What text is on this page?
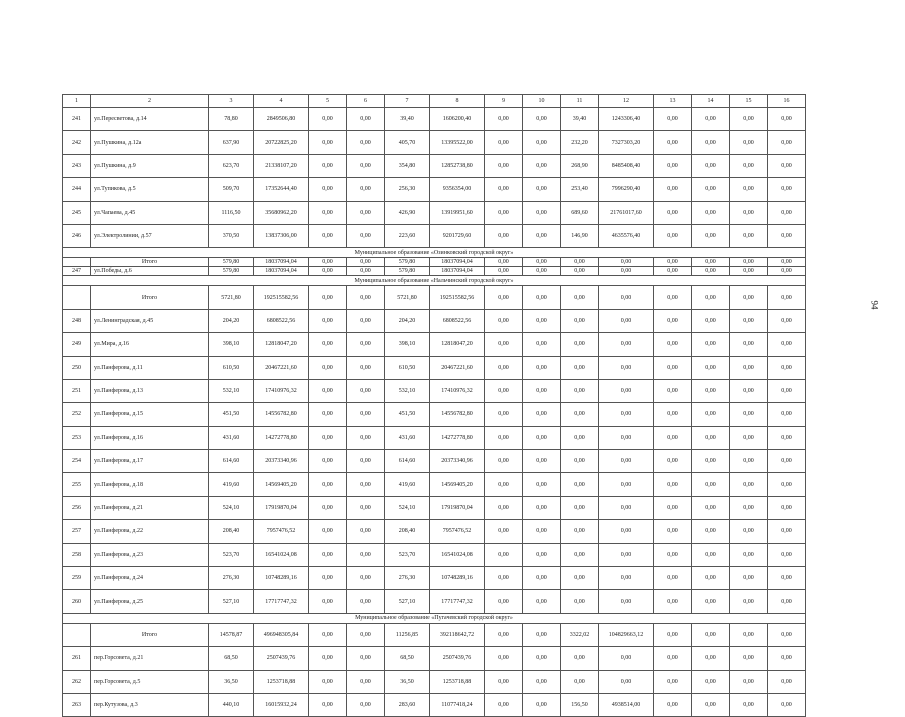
1	2	3	4	5	6	7	8	9	10	11	12	13	14	15	16
241	ул.Пересветова, д.14	78,80	2849506,80	0,00	0,00	39,40	1606200,40	0,00	0,00	39,40	1243306,40	0,00	0,00	0,00	0,00
242	ул.Пушкина, д.12а	637,90	20722825,20	0,00	0,00	405,70	13395522,00	0,00	0,00	232,20	7327303,20	0,00	0,00	0,00	0,00
243	ул.Пушкина, д.9	623,70	21338107,20	0,00	0,00	354,80	12852738,80	0,00	0,00	268,90	8485408,40	0,00	0,00	0,00	0,00
244	ул.Тупикова, д.5	509,70	17352644,40	0,00	0,00	256,30	9356354,00	0,00	0,00	253,40	7996290,40	0,00	0,00	0,00	0,00
245	ул.Чапаева, д.45	1116,50	35680962,20	0,00	0,00	426,90	13919951,60	0,00	0,00	689,60	21761017,60	0,00	0,00	0,00	0,00
246	ул.Электролинии, д.57	370,50	13837306,00	0,00	0,00	223,60	9201729,60	0,00	0,00	146,90	4635576,40	0,00	0,00	0,00	0,00
Муниципальное образование «Озинковский городской округ»															
	Итого	579,80	18037094,04	0,00	0,00	579,80	18037094,04	0,00	0,00	0,00	0,00	0,00	0,00	0,00	0,00
247	ул.Победы, д.6	579,80	18037094,04	0,00	0,00	579,80	18037094,04	0,00	0,00	0,00	0,00	0,00	0,00	0,00	0,00
Муниципальное образование «Нальчинский городской округ»															
	Итого	5721,80	192515582,56	0,00	0,00	5721,80	192515582,56	0,00	0,00	0,00	0,00	0,00	0,00	0,00	0,00
248	ул.Ленинградская, д.45	204,20	6808522,56	0,00	0,00	204,20	6808522,56	0,00	0,00	0,00	0,00	0,00	0,00	0,00	0,00
249	ул.Мира, д.16	398,10	12818047,20	0,00	0,00	398,10	12818047,20	0,00	0,00	0,00	0,00	0,00	0,00	0,00	0,00
250	ул.Панферова, д.11	610,50	20467221,60	0,00	0,00	610,50	20467221,60	0,00	0,00	0,00	0,00	0,00	0,00	0,00	0,00
251	ул.Панферова, д.13	532,10	17410976,32	0,00	0,00	532,10	17410976,32	0,00	0,00	0,00	0,00	0,00	0,00	0,00	0,00
252	ул.Панферова, д.15	451,50	14556782,80	0,00	0,00	451,50	14556782,80	0,00	0,00	0,00	0,00	0,00	0,00	0,00	0,00
253	ул.Панферова, д.16	431,60	14272778,80	0,00	0,00	431,60	14272778,80	0,00	0,00	0,00	0,00	0,00	0,00	0,00	0,00
254	ул.Панферова, д.17	614,60	20373340,96	0,00	0,00	614,60	20373340,96	0,00	0,00	0,00	0,00	0,00	0,00	0,00	0,00
255	ул.Панферова, д.18	419,60	14569405,20	0,00	0,00	419,60	14569405,20	0,00	0,00	0,00	0,00	0,00	0,00	0,00	0,00
256	ул.Панферова, д.21	524,10	17919870,04	0,00	0,00	524,10	17919870,04	0,00	0,00	0,00	0,00	0,00	0,00	0,00	0,00
257	ул.Панферова, д.22	208,40	7957476,52	0,00	0,00	208,40	7957476,52	0,00	0,00	0,00	0,00	0,00	0,00	0,00	0,00
258	ул.Панферова, д.23	523,70	16541024,08	0,00	0,00	523,70	16541024,08	0,00	0,00	0,00	0,00	0,00	0,00	0,00	0,00
259	ул.Панферова, д.24	276,30	10748289,16	0,00	0,00	276,30	10748289,16	0,00	0,00	0,00	0,00	0,00	0,00	0,00	0,00
260	ул.Панферова, д.25	527,10	17717747,32	0,00	0,00	527,10	17717747,32	0,00	0,00	0,00	0,00	0,00	0,00	0,00	0,00
Муниципальное образование «Пугачевский городской округ»															
	Итого	14578,87	496948305,84	0,00	0,00	11256,85	392118642,72	0,00	0,00	3322,02	104829663,12	0,00	0,00	0,00	0,00
261	пер.Горсовета, д.21	68,50	2507439,76	0,00	0,00	68,50	2507439,76	0,00	0,00	0,00	0,00	0,00	0,00	0,00	0,00
262	пер.Горсовета, д.5	36,50	1253718,88	0,00	0,00	36,50	1253718,88	0,00	0,00	0,00	0,00	0,00	0,00	0,00	0,00
263	пер.Кутузова, д.3	440,10	16015932,24	0,00	0,00	283,60	11077418,24	0,00	0,00	156,50	4938514,00	0,00	0,00	0,00	0,00
94
